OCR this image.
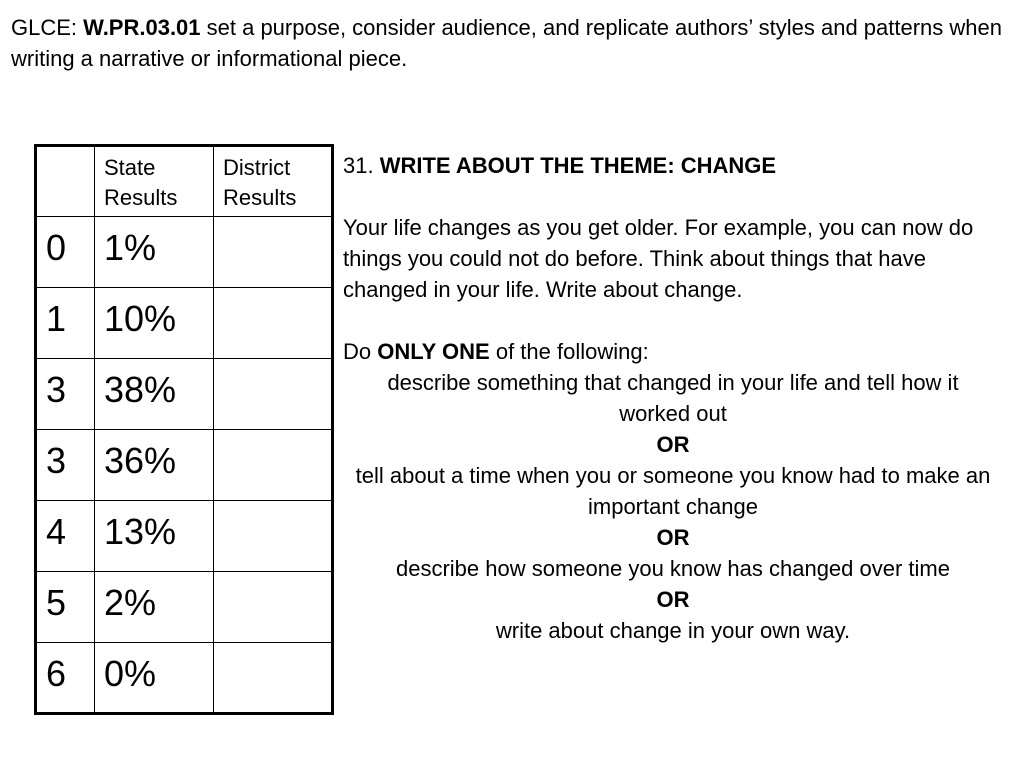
GLCE: W.PR.03.01 set a purpose, consider audience, and replicate authors’ styles and patterns when writing a narrative or informational piece.
	State Results	District Results
0	1%	
1	10%	
3	38%	
3	36%	
4	13%	
5	2%	
6	0%	

31. WRITE ABOUT THE THEME: CHANGE

Your life changes as you get older. For example, you can now do things you could not do before. Think about things that have changed in your life. Write about change.

Do ONLY ONE of the following:

describe something that changed in your life and tell how it worked out

OR

tell about a time when you or someone you know had to make an important change

OR

describe how someone you know has changed over time

OR

write about change in your own way.
